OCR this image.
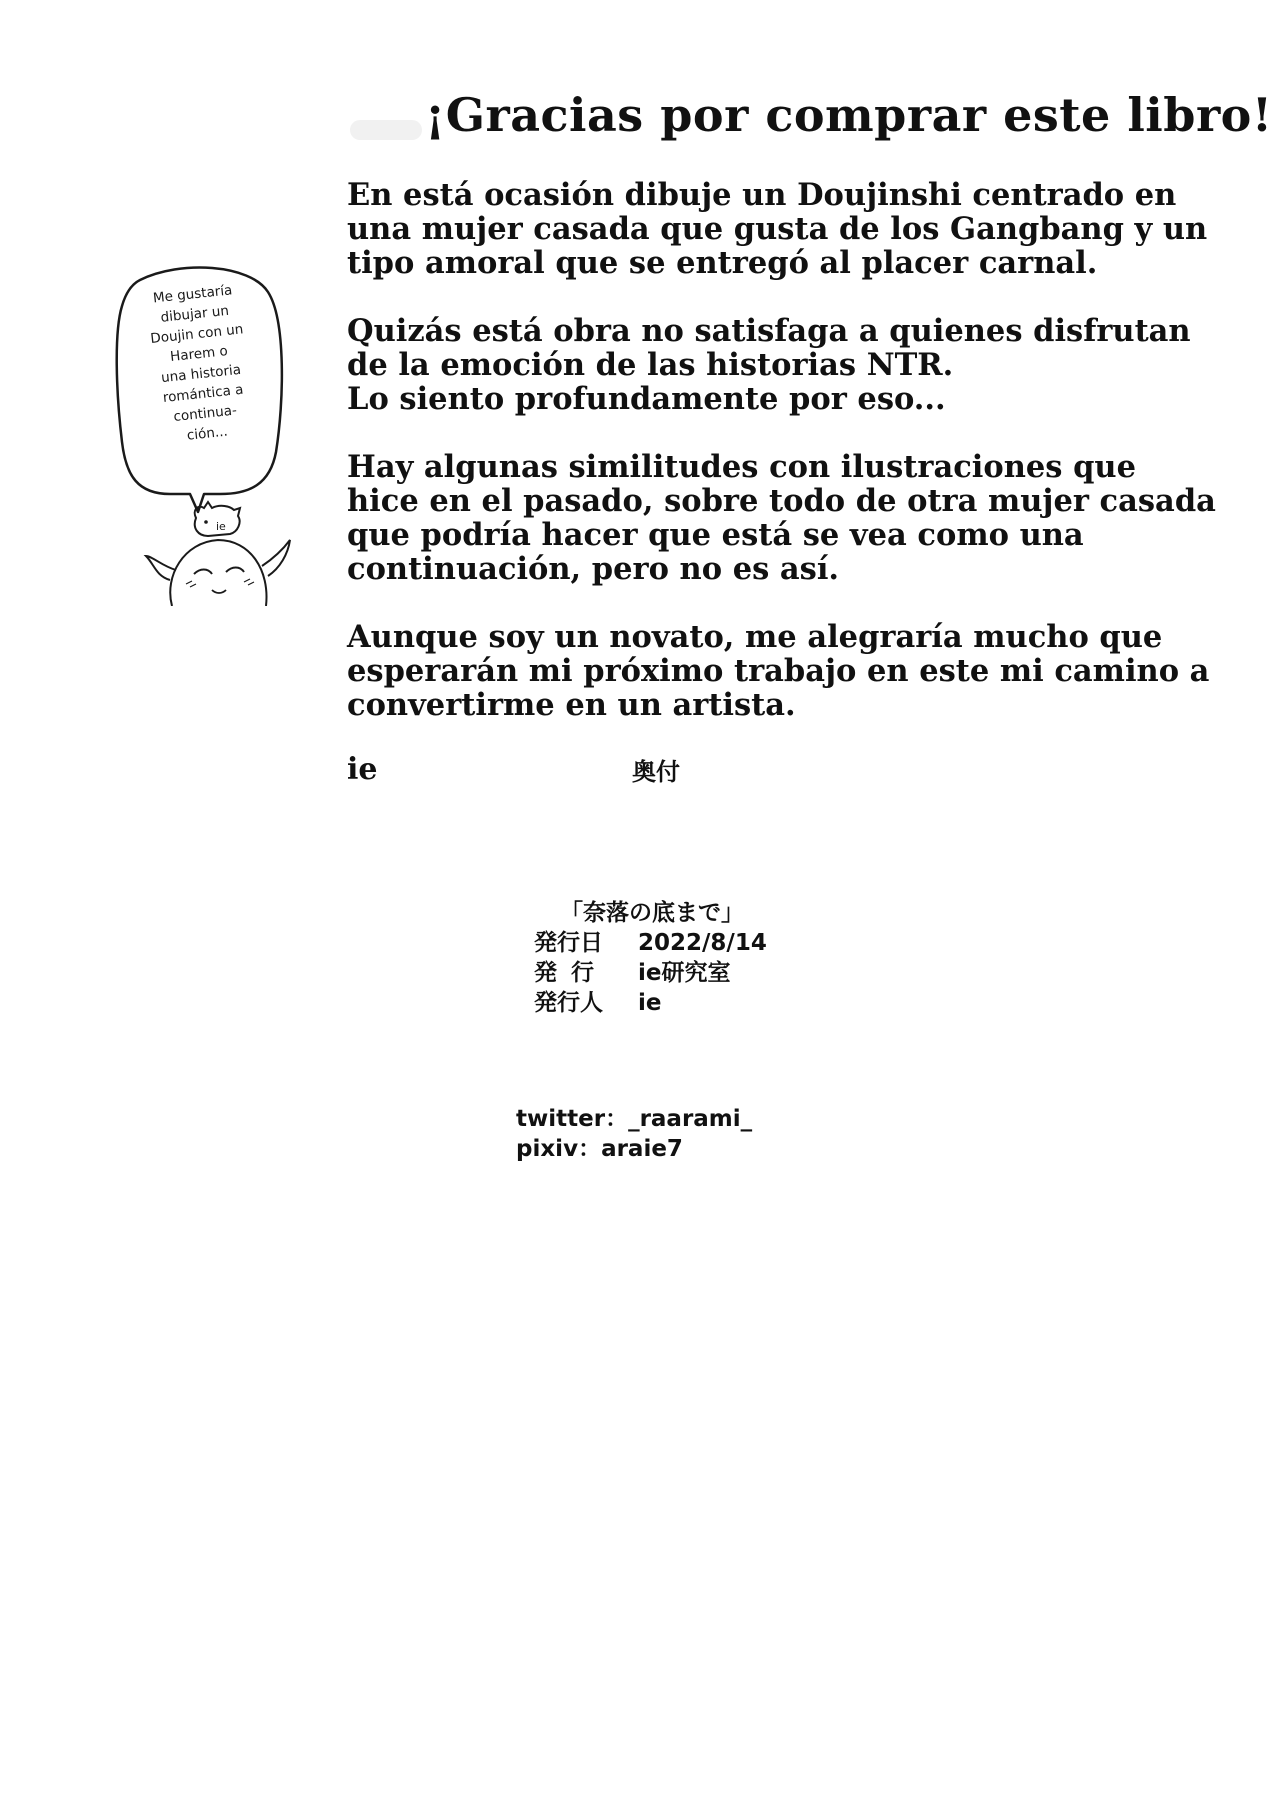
¡Gracias por comprar este libro!
En está ocasión dibuje un Doujinshi centrado en
una mujer casada que gusta de los Gangbang y un
tipo amoral que se entregó al placer carnal.
Quizás está obra no satisfaga a quienes disfrutan
de la emoción de las historias NTR.
Lo siento profundamente por eso...
Hay algunas similitudes con ilustraciones que
hice en el pasado, sobre todo de otra mujer casada
que podría hacer que está se vea como una
continuación, pero no es así.
Aunque soy un novato, me alegraría mucho que
esperarán mi próximo trabajo en este mi camino a
convertirme en un artista.
ie
Me gustaría
dibujar un
Doujin con un
Harem o
una historia
romántica a
continua-
ción...
ie
奥付
「奈落の底まで」
発行日	2022/8/14
発行	ie研究室
発行人	ie
twitter：_raarami_
pixiv：araie7
